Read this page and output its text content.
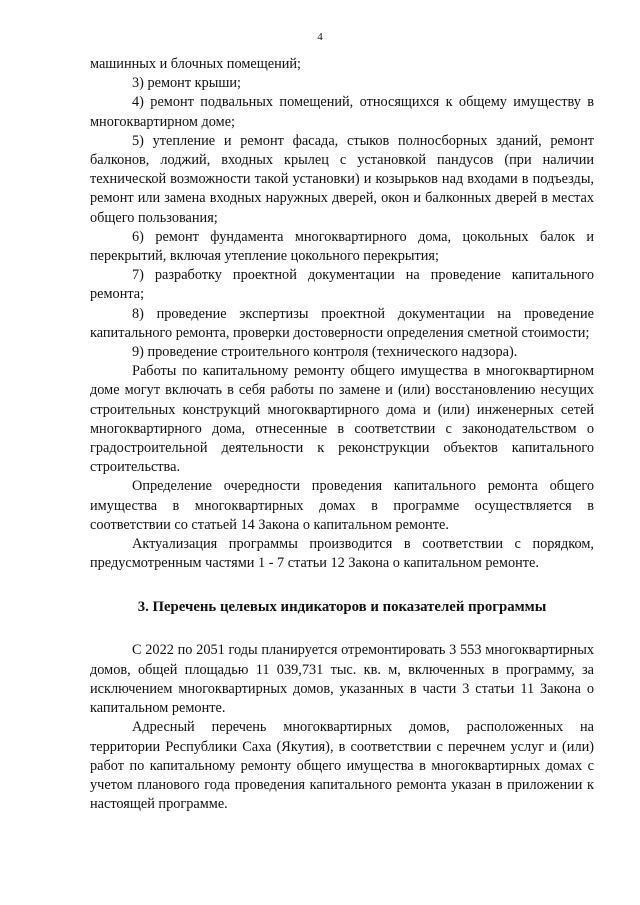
4

машинных и блочных помещений;

3) ремонт крыши;

4) ремонт подвальных помещений, относящихся к общему имуществу в многоквартирном доме;

5) утепление и ремонт фасада, стыков полносборных зданий, ремонт балконов, лоджий, входных крылец с установкой пандусов (при наличии технической возможности такой установки) и козырьков над входами в подъезды, ремонт или замена входных наружных дверей, окон и балконных дверей в местах общего пользования;

6) ремонт фундамента многоквартирного дома, цокольных балок и перекрытий, включая утепление цокольного перекрытия;

7) разработку проектной документации на проведение капитального ремонта;

8) проведение экспертизы проектной документации на проведение капитального ремонта, проверки достоверности определения сметной стоимости;

9) проведение строительного контроля (технического надзора).

Работы по капитальному ремонту общего имущества в многоквартирном доме могут включать в себя работы по замене и (или) восстановлению несущих строительных конструкций многоквартирного дома и (или) инженерных сетей многоквартирного дома, отнесенные в соответствии с законодательством о градостроительной деятельности к реконструкции объектов капитального строительства.

Определение очередности проведения капитального ремонта общего имущества в многоквартирных домах в программе осуществляется в соответствии со статьей 14 Закона о капитальном ремонте.

Актуализация программы производится в соответствии с порядком, предусмотренным частями 1 - 7 статьи 12 Закона о капитальном ремонте.

3. Перечень целевых индикаторов и показателей программы

С 2022 по 2051 годы планируется отремонтировать 3 553 многоквартирных домов, общей площадью 11 039,731 тыс. кв. м, включенных в программу, за исключением многоквартирных домов, указанных в части 3 статьи 11 Закона о капитальном ремонте.

Адресный перечень многоквартирных домов, расположенных на территории Республики Саха (Якутия), в соответствии с перечнем услуг и (или) работ по капитальному ремонту общего имущества в многоквартирных домах с учетом планового года проведения капитального ремонта указан в приложении к настоящей программе.
